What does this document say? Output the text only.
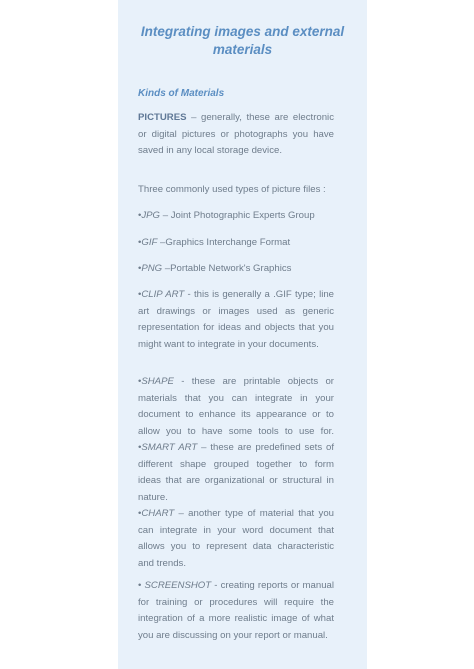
Integrating images and external
materials
Kinds of Materials
PICTURES – generally, these are electronic or digital pictures or photographs you have saved in any local storage device.
Three commonly used types of picture files :
•JPG – Joint Photographic Experts Group
•GIF –Graphics Interchange Format
•PNG –Portable Network's Graphics
•CLIP ART - this is generally a .GIF type; line art drawings or images used as generic representation for ideas and objects that you might want to integrate in your documents.
•SHAPE - these are printable objects or materials that you can integrate in your document to enhance its appearance or to allow you to have some tools to use for. •SMART ART – these are predefined sets of different shape grouped together to form ideas that are organizational or structural in nature.
•CHART – another type of material that you can integrate in your word document that allows you to represent data characteristic and trends.
• SCREENSHOT - creating reports or manual for training or procedures will require the integration of a more realistic image of what you are discussing on your report or manual.
